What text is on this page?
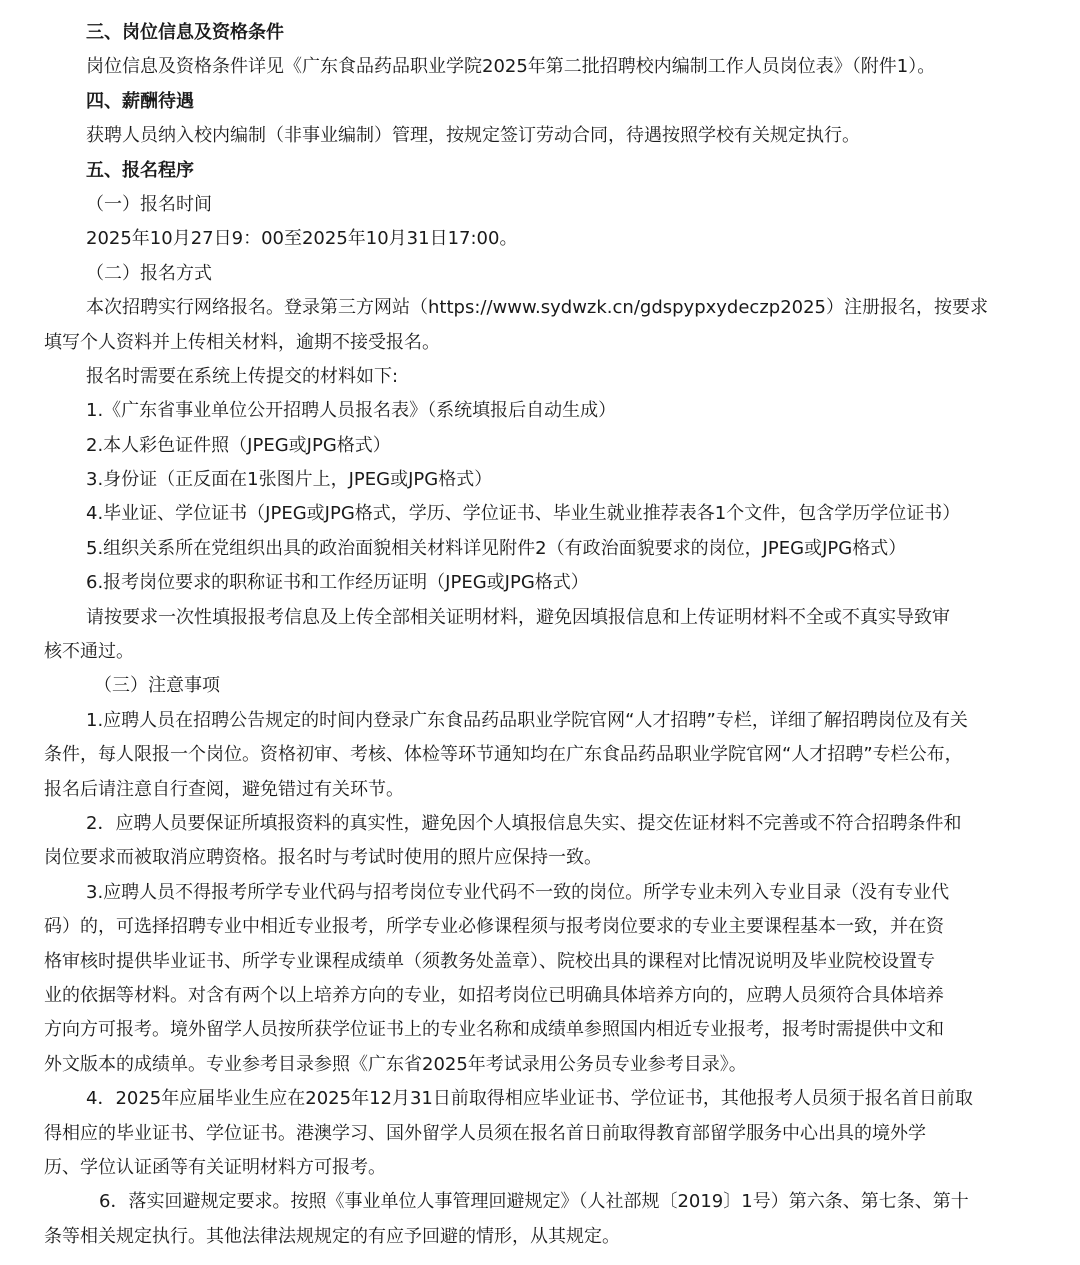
三、岗位信息及资格条件
岗位信息及资格条件详见《广东食品药品职业学院2025年第二批招聘校内编制工作人员岗位表》（附件1）。
四、薪酬待遇
获聘人员纳入校内编制（非事业编制）管理，按规定签订劳动合同，待遇按照学校有关规定执行。
五、报名程序
（一）报名时间
2025年10月27日9：00至2025年10月31日17:00。
（二）报名方式
本次招聘实行网络报名。登录第三方网站（https://www.sydwzk.cn/gdspypxydeczp2025）注册报名，按要求
填写个人资料并上传相关材料，逾期不接受报名。
报名时需要在系统上传提交的材料如下:
1.《广东省事业单位公开招聘人员报名表》（系统填报后自动生成）
2.本人彩色证件照（JPEG或JPG格式）
3.身份证（正反面在1张图片上，JPEG或JPG格式）
4.毕业证、学位证书（JPEG或JPG格式，学历、学位证书、毕业生就业推荐表各1个文件，包含学历学位证书）
5.组织关系所在党组织出具的政治面貌相关材料详见附件2（有政治面貌要求的岗位，JPEG或JPG格式）
6.报考岗位要求的职称证书和工作经历证明（JPEG或JPG格式）
请按要求一次性填报报考信息及上传全部相关证明材料，避免因填报信息和上传证明材料不全或不真实导致审
核不通过。
（三）注意事项
1.应聘人员在招聘公告规定的时间内登录广东食品药品职业学院官网“人才招聘”专栏，详细了解招聘岗位及有关
条件，每人限报一个岗位。资格初审、考核、体检等环节通知均在广东食品药品职业学院官网“人才招聘”专栏公布，
报名后请注意自行查阅，避免错过有关环节。
2．应聘人员要保证所填报资料的真实性，避免因个人填报信息失实、提交佐证材料不完善或不符合招聘条件和
岗位要求而被取消应聘资格。报名时与考试时使用的照片应保持一致。
3.应聘人员不得报考所学专业代码与招考岗位专业代码不一致的岗位。所学专业未列入专业目录（没有专业代
码）的，可选择招聘专业中相近专业报考，所学专业必修课程须与报考岗位要求的专业主要课程基本一致，并在资
格审核时提供毕业证书、所学专业课程成绩单（须教务处盖章）、院校出具的课程对比情况说明及毕业院校设置专
业的依据等材料。对含有两个以上培养方向的专业，如招考岗位已明确具体培养方向的，应聘人员须符合具体培养
方向方可报考。境外留学人员按所获学位证书上的专业名称和成绩单参照国内相近专业报考，报考时需提供中文和
外文版本的成绩单。专业参考目录参照《广东省2025年考试录用公务员专业参考目录》。
4．2025年应届毕业生应在2025年12月31日前取得相应毕业证书、学位证书，其他报考人员须于报名首日前取
得相应的毕业证书、学位证书。港澳学习、国外留学人员须在报名首日前取得教育部留学服务中心出具的境外学
历、学位认证函等有关证明材料方可报考。
6．落实回避规定要求。按照《事业单位人事管理回避规定》（人社部规〔2019〕1号）第六条、第七条、第十
条等相关规定执行。其他法律法规规定的有应予回避的情形，从其规定。
